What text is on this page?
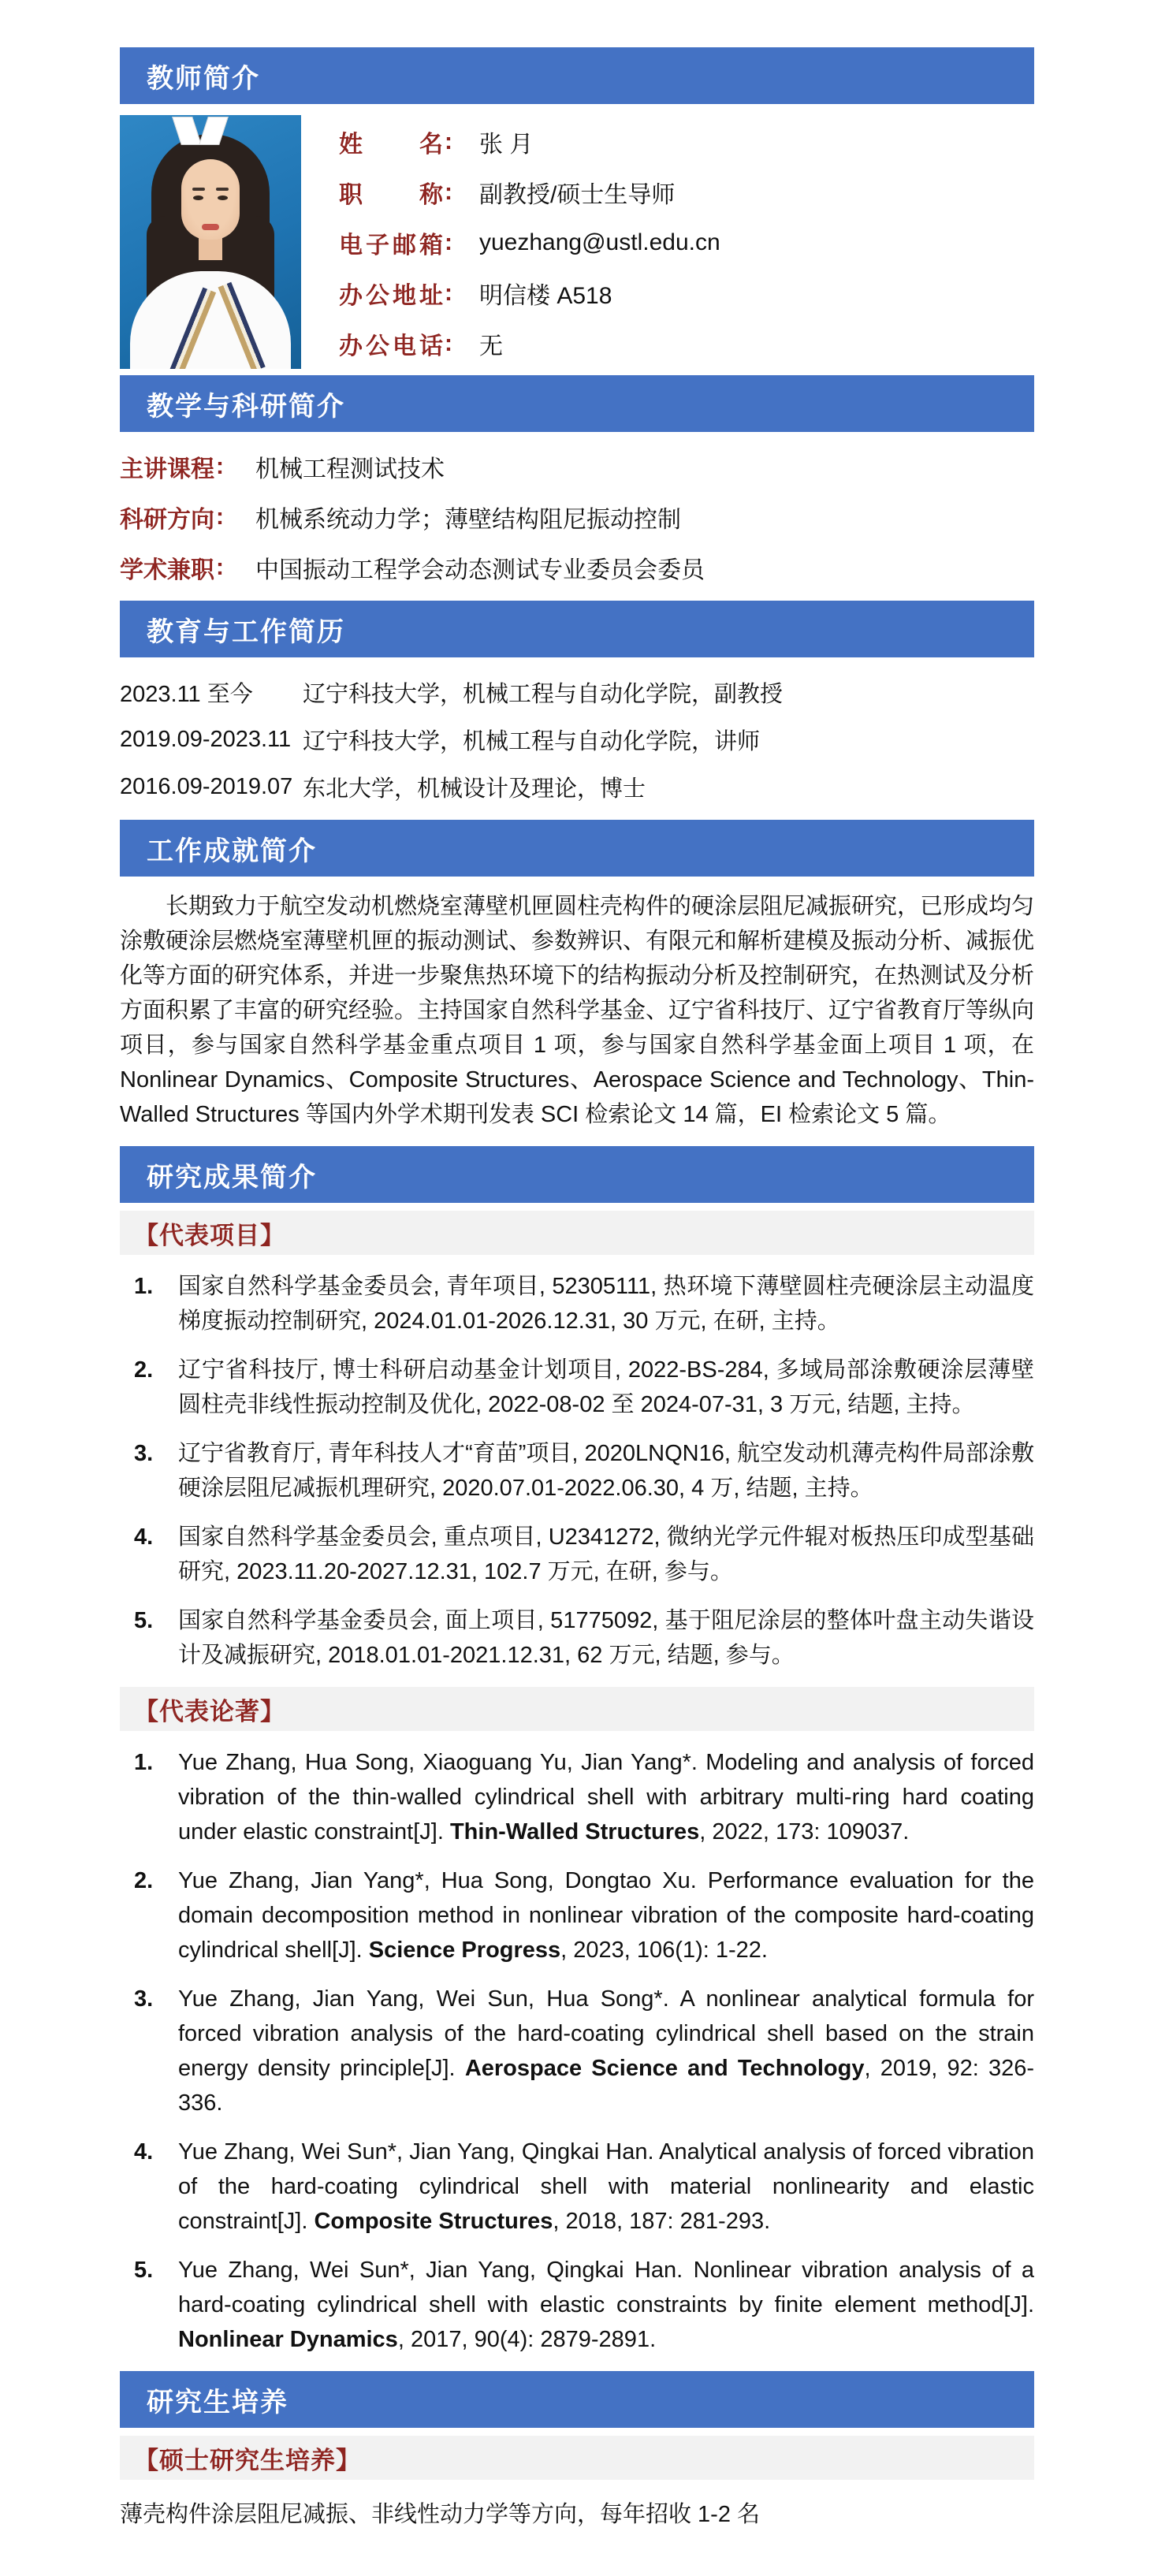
教师简介
姓名 : 张 月
职称 : 副教授/硕士生导师
电子邮箱 : yuezhang@ustl.edu.cn
办公地址 : 明信楼 A518
办公电话 : 无
教学与科研简介
主讲课程 : 机械工程测试技术
科研方向 : 机械系统动力学；薄壁结构阻尼振动控制
学术兼职 : 中国振动工程学会动态测试专业委员会委员
教育与工作简历
2023.11 至今	辽宁科技大学，机械工程与自动化学院，副教授
2019.09-2023.11 辽宁科技大学，机械工程与自动化学院，讲师
2016.09-2019.07 东北大学，机械设计及理论，博士
工作成就简介
长期致力于航空发动机燃烧室薄壁机匣圆柱壳构件的硬涂层阻尼减振研究，已形成均匀涂敷硬涂层燃烧室薄壁机匣的振动测试、参数辨识、有限元和解析建模及振动分析、减振优化等方面的研究体系，并进一步聚焦热环境下的结构振动分析及控制研究，在热测试及分析方面积累了丰富的研究经验。主持国家自然科学基金、辽宁省科技厅、辽宁省教育厅等纵向项目，参与国家自然科学基金重点项目 1 项，参与国家自然科学基金面上项目 1 项，在 Nonlinear Dynamics、Composite Structures、Aerospace Science and Technology、Thin-Walled Structures 等国内外学术期刊发表 SCI 检索论文 14 篇，EI 检索论文 5 篇。
研究成果简介
【代表项目】
1.	国家自然科学基金委员会, 青年项目, 52305111, 热环境下薄壁圆柱壳硬涂层主动温度梯度振动控制研究, 2024.01.01-2026.12.31, 30 万元, 在研, 主持。
2.	辽宁省科技厅, 博士科研启动基金计划项目, 2022-BS-284, 多域局部涂敷硬涂层薄壁圆柱壳非线性振动控制及优化, 2022-08-02 至 2024-07-31, 3 万元, 结题, 主持。
3.	辽宁省教育厅, 青年科技人才“育苗”项目, 2020LNQN16, 航空发动机薄壳构件局部涂敷硬涂层阻尼减振机理研究, 2020.07.01-2022.06.30, 4 万, 结题, 主持。
4.	国家自然科学基金委员会, 重点项目, U2341272, 微纳光学元件辊对板热压印成型基础研究, 2023.11.20-2027.12.31, 102.7 万元, 在研, 参与。
5.	国家自然科学基金委员会, 面上项目, 51775092, 基于阻尼涂层的整体叶盘主动失谐设计及减振研究, 2018.01.01-2021.12.31, 62 万元, 结题, 参与。
【代表论著】
1.	Yue Zhang, Hua Song, Xiaoguang Yu, Jian Yang*. Modeling and analysis of forced vibration of the thin-walled cylindrical shell with arbitrary multi-ring hard coating under elastic constraint[J]. Thin-Walled Structures, 2022, 173: 109037.
2.	Yue Zhang, Jian Yang*, Hua Song, Dongtao Xu. Performance evaluation for the domain decomposition method in nonlinear vibration of the composite hard-coating cylindrical shell[J]. Science Progress, 2023, 106(1): 1-22.
3.	Yue Zhang, Jian Yang, Wei Sun, Hua Song*. A nonlinear analytical formula for forced vibration analysis of the hard-coating cylindrical shell based on the strain energy density principle[J]. Aerospace Science and Technology, 2019, 92: 326-336.
4.	Yue Zhang, Wei Sun*, Jian Yang, Qingkai Han. Analytical analysis of forced vibration of the hard-coating cylindrical shell with material nonlinearity and elastic constraint[J]. Composite Structures, 2018, 187: 281-293.
5.	Yue Zhang, Wei Sun*, Jian Yang, Qingkai Han. Nonlinear vibration analysis of a hard-coating cylindrical shell with elastic constraints by finite element method[J]. Nonlinear Dynamics, 2017, 90(4): 2879-2891.
研究生培养
【硕士研究生培养】
薄壳构件涂层阻尼减振、非线性动力学等方向，每年招收 1-2 名
